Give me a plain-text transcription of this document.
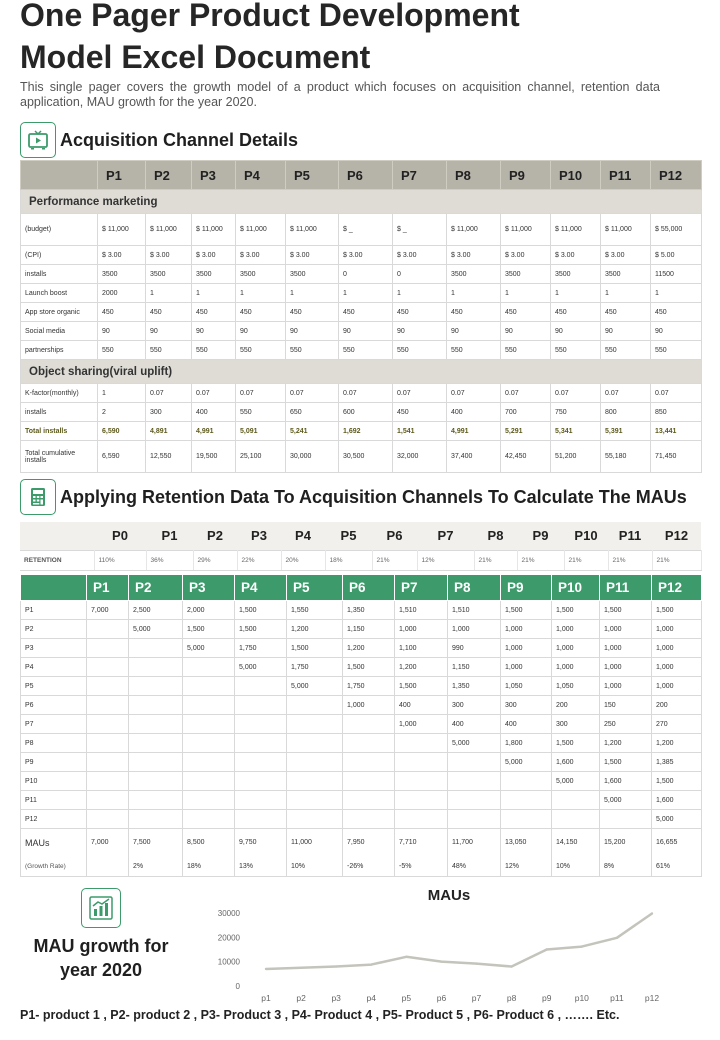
One Pager Product Development
Model Excel Document
This single pager covers the growth model of a product which focuses on acquisition channel, retention data application, MAU growth for the year 2020.
Acquisition Channel Details
	P1	P2	P3	P4	P5	P6	P7	P8	P9	P10	P11	P12
Performance marketing												
(budget)	$ 11,000	$ 11,000	$ 11,000	$ 11,000	$ 11,000	$ _	$ _	$ 11,000	$ 11,000	$ 11,000	$ 11,000	$ 55,000
(CPI)	$ 3.00	$ 3.00	$ 3.00	$ 3.00	$ 3.00	$ 3.00	$ 3.00	$ 3.00	$ 3.00	$ 3.00	$ 3.00	$ 5.00
installs	3500	3500	3500	3500	3500	0	0	3500	3500	3500	3500	11500
Launch boost	2000	1	1	1	1	1	1	1	1	1	1	1
App store organic	450	450	450	450	450	450	450	450	450	450	450	450
Social media	90	90	90	90	90	90	90	90	90	90	90	90
partnerships	550	550	550	550	550	550	550	550	550	550	550	550
Object sharing(viral uplift)												
K-factor(monthly)	1	0.07	0.07	0.07	0.07	0.07	0.07	0.07	0.07	0.07	0.07	0.07
installs	2	300	400	550	650	600	450	400	700	750	800	850
Total installs	6,590	4,891	4,991	5,091	5,241	1,692	1,541	4,991	5,291	5,341	5,391	13,441
Total cumulative installs	6,590	12,550	19,500	25,100	30,000	30,500	32,000	37,400	42,450	51,200	55,180	71,450
Applying Retention Data To Acquisition Channels To Calculate The MAUs
	P0	P1	P2	P3	P4	P5	P6	P7	P8	P9	P10	P11	P12
RETENTION	110%	36%	29%	22%	20%	18%	21%	12%	21%	21%	21%	21%	21%
	P1	P2	P3	P4	P5	P6	P7	P8	P9	P10	P11	P12
P1	7,000	2,500	2,000	1,500	1,550	1,350	1,510	1,510	1,500	1,500	1,500	1,500
P2		5,000	1,500	1,500	1,200	1,150	1,000	1,000	1,000	1,000	1,000	1,000
P3			5,000	1,750	1,500	1,200	1,100	990	1,000	1,000	1,000	1,000
P4				5,000	1,750	1,500	1,200	1,150	1,000	1,000	1,000	1,000
P5					5,000	1,750	1,500	1,350	1,050	1,050	1,000	1,000
P6						1,000	400	300	300	200	150	200
P7							1,000	400	400	300	250	270
P8								5,000	1,800	1,500	1,200	1,200
P9									5,000	1,600	1,500	1,385
P10										5,000	1,600	1,500
P11											5,000	1,600
P12												5,000
MAUs	7,000	7,500	8,500	9,750	11,000	7,950	7,710	11,700	13,050	14,150	15,200	16,655
(Growth Rate)		2%	18%	13%	10%	-26%	-5%	48%	12%	10%	8%	61%
MAU growth for
year 2020
MAUs
0
10000
20000
30000
p1	p2	p3	p4	p5	p6	p7	p8	p9	p10 p11 p12
P1- product 1 , P2- product 2 , P3- Product 3 , P4- Product 4 , P5- Product 5 , P6- Product 6 , ……. Etc.
